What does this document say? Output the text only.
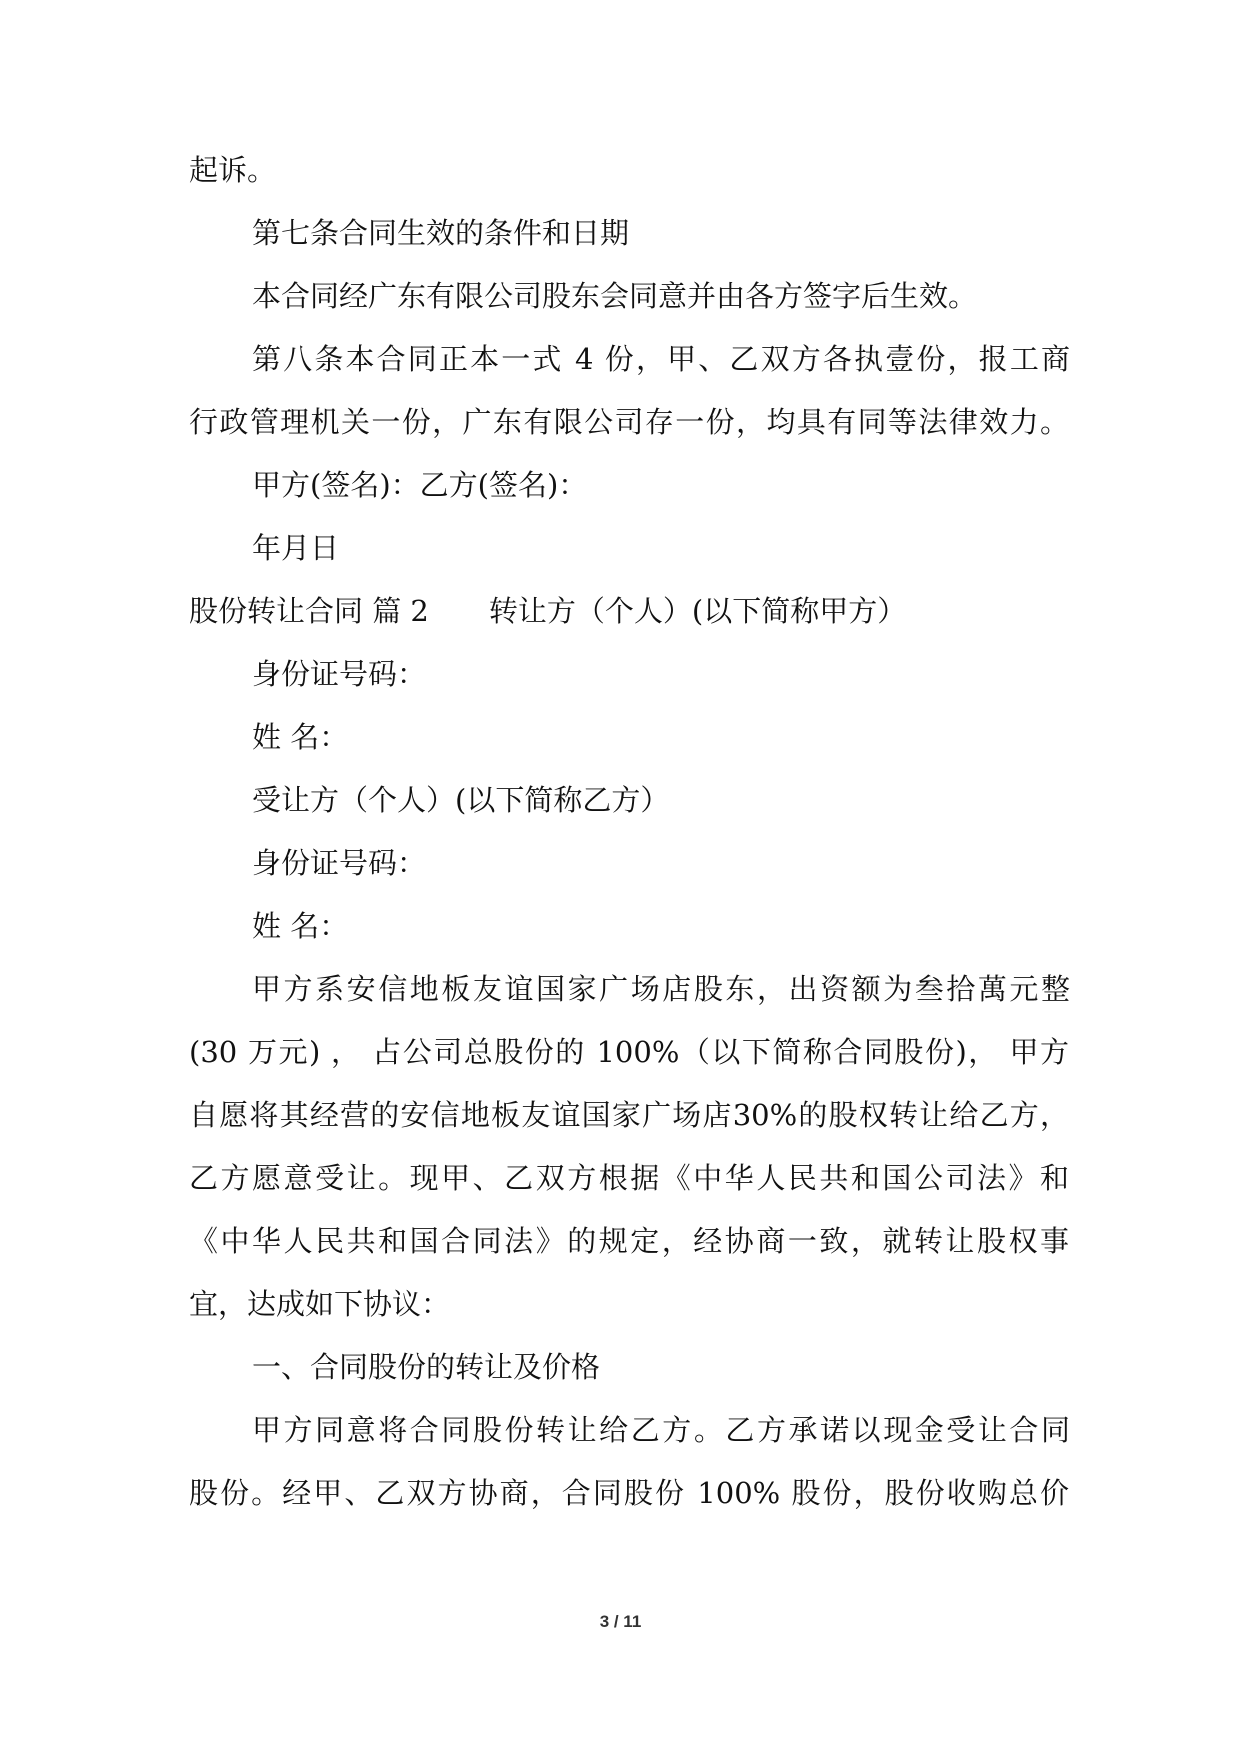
起诉。
第七条合同生效的条件和日期
本合同经广东有限公司股东会同意并由各方签字后生效。
第八条本合同正本一式 4 份，甲、乙双方各执壹份，报工商
行政管理机关一份，广东有限公司存一份，均具有同等法律效力。
甲方(签名)：乙方(签名)：
年月日
股份转让合同 篇 2 转让方（个人）(以下简称甲方）
身份证号码：
姓 名：
受让方（个人）(以下简称乙方）
身份证号码：
姓 名：
甲方系安信地板友谊国家广场店股东，出资额为叁拾萬元整
(30 万元) ， 占公司总股份的 100%（以下简称合同股份)， 甲方
自愿将其经营的安信地板友谊国家广场店30%的股权转让给乙方，
乙方愿意受让。现甲、乙双方根据《中华人民共和国公司法》和
《中华人民共和国合同法》的规定，经协商一致，就转让股权事
宜，达成如下协议：
一、合同股份的转让及价格
甲方同意将合同股份转让给乙方。乙方承诺以现金受让合同
股份。经甲、乙双方协商，合同股份 100% 股份，股份收购总价
3 / 11
